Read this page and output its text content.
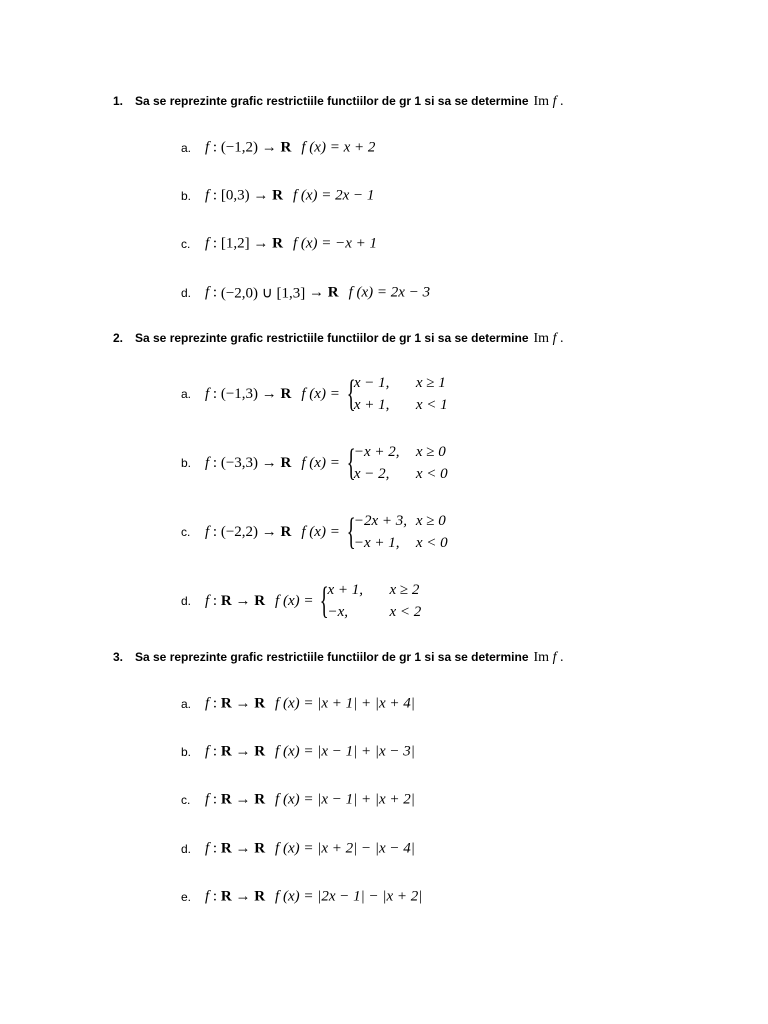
1. Sa se reprezinte grafic restrictiile functiilor de gr 1 si sa se determine Im f .
a. f
:
(−1,2)
→
R f (x) =
x + 2
b. f
:
[0,3)
→
R f (x) =
2x − 1
c. f
:
[1,2]
→
R f (x) =
−x + 1
d. f
:
(−2,0) ∪ [1,3]
→
R f (x) =
2x − 3
2. Sa se reprezinte grafic restrictiile functiilor de gr 1 si sa se determine Im f .
a. f
:
(−1,3)
→
R f (x) =
{
x − 1,	x ≥ 1
x + 1,	x < 1
b. f
:
(−3,3)
→
R f (x) =
{
−x + 2,	x ≥ 0
x − 2,	x < 0
c. f
:
(−2,2)
→
R f (x) =
{
−2x + 3, x ≥ 0
−x + 1,	x < 0
d. f
:
R
→
R f (x) =
{
x + 1,	x ≥ 2
−x,	x < 2
3. Sa se reprezinte grafic restrictiile functiilor de gr 1 si sa se determine Im f .
a. f
:
R
→
R f (x) =
|x + 1| + |x + 4|
b. f
:
R
→
R f (x) =
|x − 1| + |x − 3|
c. f
:
R
→
R f (x) =
|x − 1| + |x + 2|
d. f
:
R
→
R f (x) =
|x + 2| − |x − 4|
e. f
:
R
→
R f (x) =
|2x − 1| − |x + 2|
